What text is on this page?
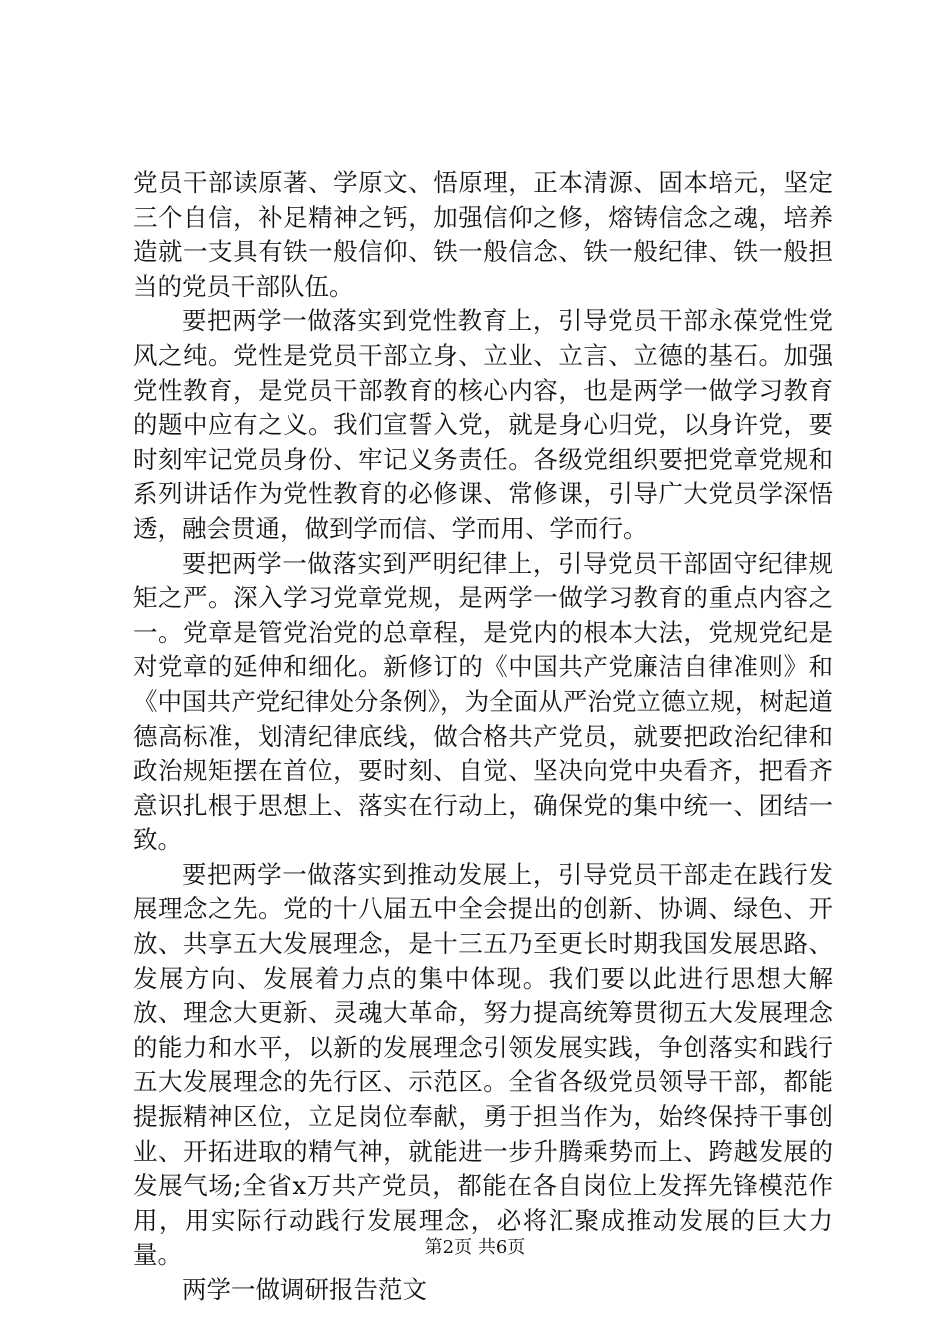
党员干部读原著、学原文、悟原理，正本清源、固本培元，坚定三个自信，补足精神之钙，加强信仰之修，熔铸信念之魂，培养造就一支具有铁一般信仰、铁一般信念、铁一般纪律、铁一般担当的党员干部队伍。

要把两学一做落实到党性教育上，引导党员干部永葆党性党风之纯。党性是党员干部立身、立业、立言、立德的基石。加强党性教育，是党员干部教育的核心内容，也是两学一做学习教育的题中应有之义。我们宣誓入党，就是身心归党，以身许党，要时刻牢记党员身份、牢记义务责任。各级党组织要把党章党规和系列讲话作为党性教育的必修课、常修课，引导广大党员学深悟透，融会贯通，做到学而信、学而用、学而行。

要把两学一做落实到严明纪律上，引导党员干部固守纪律规矩之严。深入学习党章党规，是两学一做学习教育的重点内容之一。党章是管党治党的总章程，是党内的根本大法，党规党纪是对党章的延伸和细化。新修订的《中国共产党廉洁自律准则》和《中国共产党纪律处分条例》，为全面从严治党立德立规，树起道德高标准，划清纪律底线，做合格共产党员，就要把政治纪律和政治规矩摆在首位，要时刻、自觉、坚决向党中央看齐，把看齐意识扎根于思想上、落实在行动上，确保党的集中统一、团结一致。

要把两学一做落实到推动发展上，引导党员干部走在践行发展理念之先。党的十八届五中全会提出的创新、协调、绿色、开放、共享五大发展理念，是十三五乃至更长时期我国发展思路、发展方向、发展着力点的集中体现。我们要以此进行思想大解放、理念大更新、灵魂大革命，努力提高统筹贯彻五大发展理念的能力和水平，以新的发展理念引领发展实践，争创落实和践行五大发展理念的先行区、示范区。全省各级党员领导干部，都能提振精神区位，立足岗位奉献，勇于担当作为，始终保持干事创业、开拓进取的精气神，就能进一步升腾乘势而上、跨越发展的发展气场;全省x万共产党员，都能在各自岗位上发挥先锋模范作用，用实际行动践行发展理念，必将汇聚成推动发展的巨大力量。

两学一做调研报告范文

第2页 共6页
